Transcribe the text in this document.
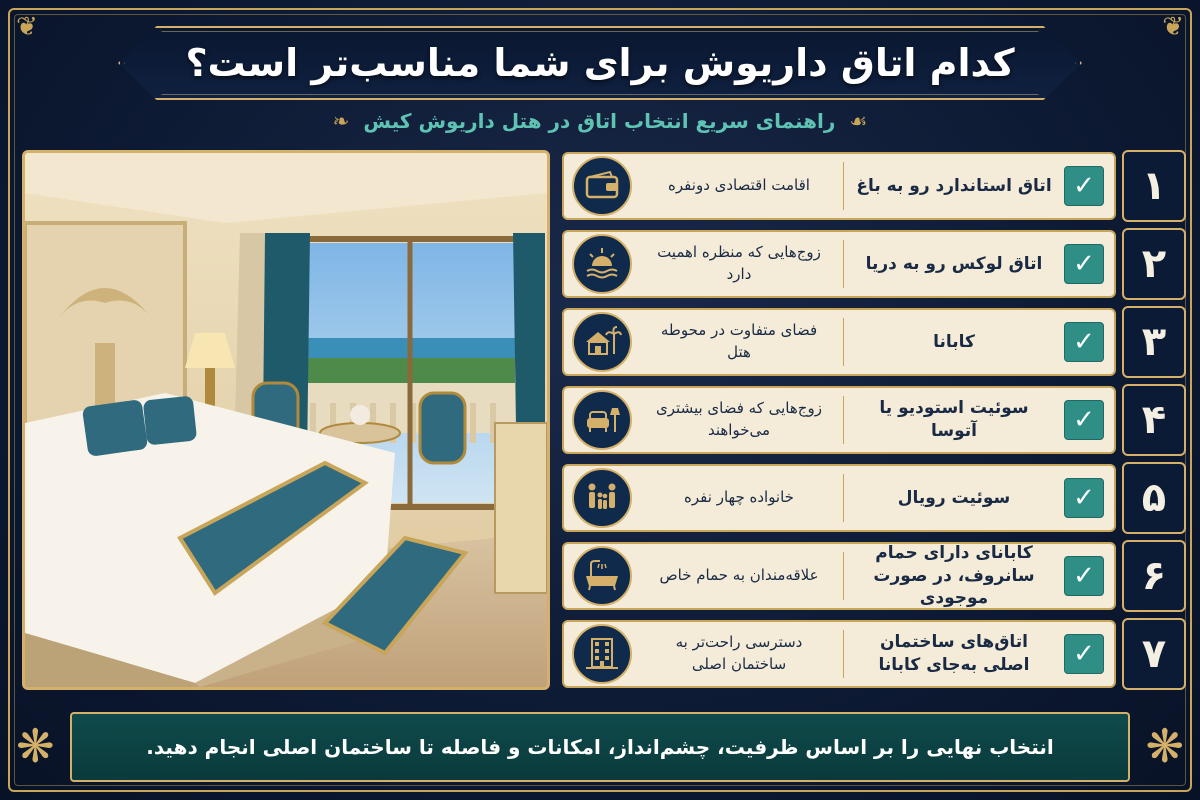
❦	❦
کدام اتاق داریوش برای شما مناسب‌تر است؟
❧ راهنمای سریع انتخاب اتاق در هتل داریوش کیش ☙
✓
اتاق استاندارد رو به باغ
اقامت اقتصادی دونفره	۱
✓
اتاق لوکس رو به دریا
زوج‌هایی که منظره اهمیت دارد	۲
✓
کابانا
فضای متفاوت در محوطه هتل	۳
✓
سوئیت استودیو یا آتوسا
زوج‌هایی که فضای بیشتری می‌خواهند	۴
✓
سوئیت رویال
خانواده چهار نفره	۵
✓
کابانای دارای حمام سانروف، در صورت موجودی
علاقه‌مندان به حمام خاص	۶
✓
اتاق‌های ساختمان اصلی به‌جای کابانا
دسترسی راحت‌تر به ساختمان اصلی	۷
❋	❋
انتخاب نهایی را بر اساس ظرفیت، چشم‌انداز، امکانات و فاصله تا ساختمان اصلی انجام دهید.
